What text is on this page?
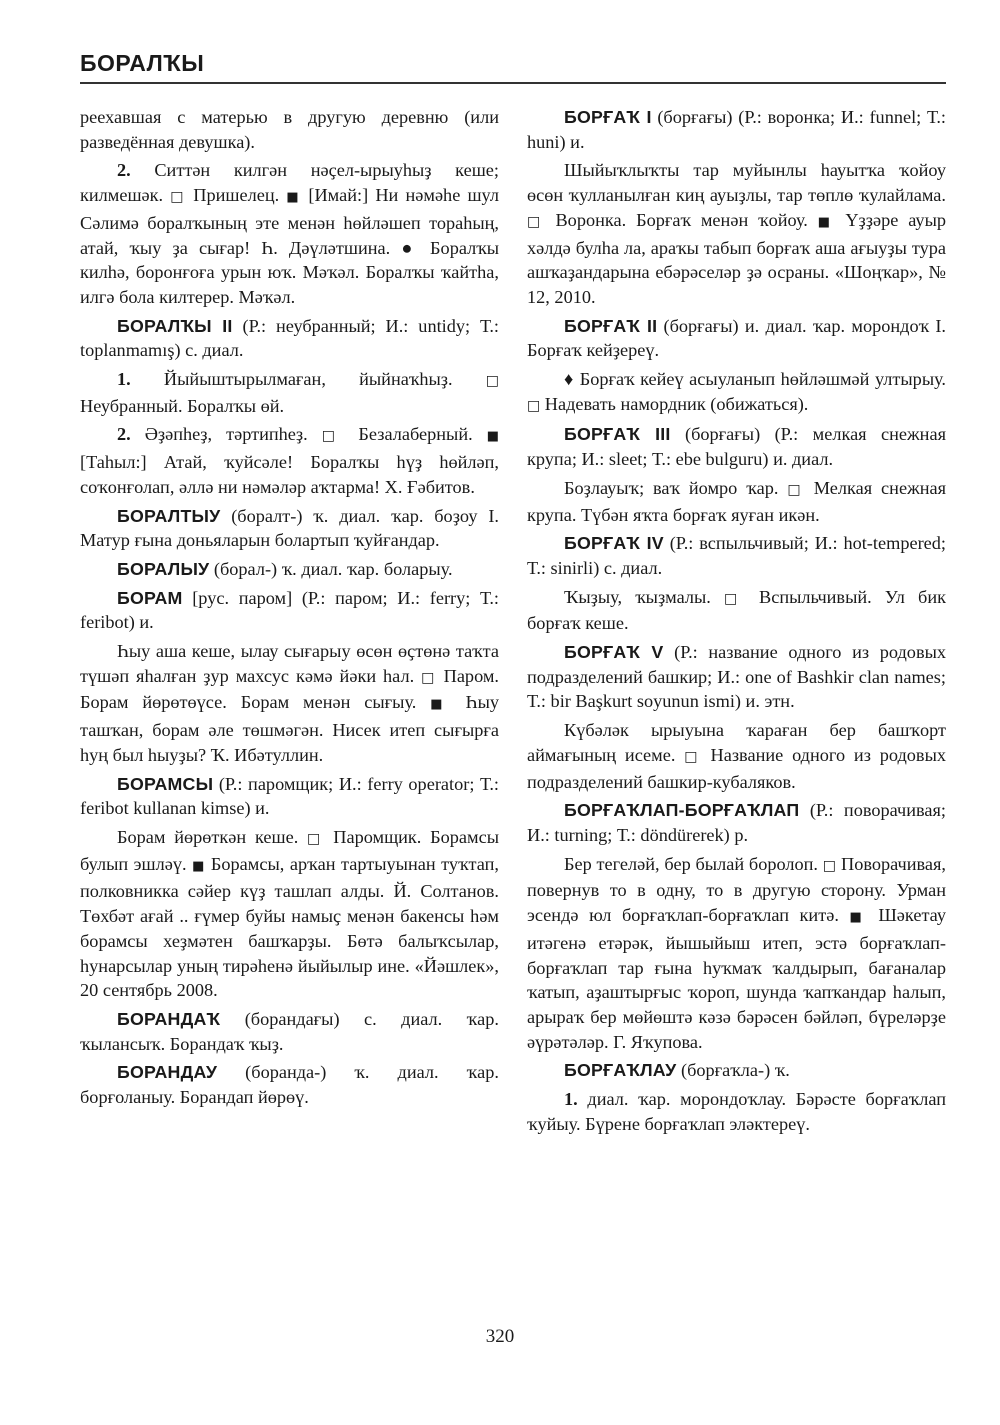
БОРАЛҠЫ

реехавшая с матерью в другую деревню (или разведённая девушка).

2. Ситтән килгән нәҫел-ырыуһыҙ кеше; килмешәк. □ Пришелец. ■ [Имай:] Ни нәмәһе шул Сәлимә боралҡының эте менән һөйләшеп тораһың, атай, ҡыу ҙа сығар! Һ. Дәүләтшина. ● Боралҡы килһә, боронғоға урын юҡ. Мәҡәл. Боралҡы ҡайтһа, илгә бола килтерер. Мәҡәл.

БОРАЛҠЫ II (Р.: неубранный; И.: untidy; Т.: toplanmamış) с. диал.

1. Йыйыштырылмаған, йыйнаҡһыҙ. □ Неубранный. Боралҡы өй.

2. Әҙәпһеҙ, тәртипһеҙ. □ Безалаберный. ■ [Таһыл:] Атай, ҡуйсәле! Боралҡы һүҙ һөйләп, соҡонғолап, әллә ни нәмәләр аҡтарма! Х. Ғәбитов.

БОРАЛТЫУ (боралт-) ҡ. диал. ҡар. боҙоу I. Матур ғына доньяларын болартып ҡуйғандар.

БОРАЛЫУ (борал-) ҡ. диал. ҡар. боларыу.

БОРАМ [рус. паром] (Р.: паром; И.: ferry; Т.: feribot) и.

Һыу аша кеше, ылау сығарыу өсөн өҫтөнә таҡта түшәп яһалған ҙур махсус кәмә йәки һал. □ Паром. Борам йөрөтөүсе. Борам менән сығыу. ■ Һыу ташҡан, борам әле төшмәгән. Нисек итеп сығырға һуң был һыуҙы? Ҡ. Ибәтуллин.

БОРАМСЫ (Р.: паромщик; И.: ferry operator; Т.: feribot kullanan kimse) и.

Борам йөрөткән кеше. □ Паромщик. Борамсы булып эшләү. ■ Борамсы, арҡан тартыуынан туҡтап, полковникка сәйер күҙ ташлап алды. Й. Солтанов. Төхбәт ағай .. ғүмер буйы намыҫ менән бакенсы һәм борамсы хеҙмәтен башҡарҙы. Бөтә балыҡсылар, һунарсылар уның тирәһенә йыйылыр ине. «Йәшлек», 20 сентябрь 2008.

БОРАНДАҠ (борандағы) с. диал. ҡар. ҡылансыҡ. Борандаҡ ҡыҙ.

БОРАНДАУ (боранда-) ҡ. диал. ҡар. борғоланыу. Борандап йөрөү.

БОРҒАҠ I (борғағы) (Р.: воронка; И.: funnel; Т.: huni) и.

Шыйыҡлыҡты тар муйынлы һауытҡа ҡойоу өсөн ҡулланылған киң ауыҙлы, тар төплө ҡулайлама. □ Воронка. Борғаҡ менән ҡойоу. ■ Үҙҙәре ауыр хәлдә булһа ла, араҡы табып борғаҡ аша ағыуҙы тура ашҡаҙандарына ебәрәселәр ҙә осраны. «Шоңҡар», № 12, 2010.

БОРҒАҠ II (борғағы) и. диал. ҡар. морондоҡ I. Борғаҡ кейҙереү.

♦ Борғаҡ кейеү асыуланып һөйләшмәй ултырыу. □ Надевать намордник (обижаться).

БОРҒАҠ III (борғағы) (Р.: мелкая снежная крупа; И.: sleet; Т.: ebe bulguru) и. диал.

Боҙлауыҡ; ваҡ йомро ҡар. □ Мелкая снежная крупа. Түбән яҡта борғаҡ яуған икән.

БОРҒАҠ IV (Р.: вспыльчивый; И.: hot-tempered; Т.: sinirli) с. диал.

Ҡыҙыу, ҡыҙмалы. □ Вспыльчивый. Ул бик борғаҡ кеше.

БОРҒАҠ V (Р.: название одного из родовых подразделений башкир; И.: one of Bashkir clan names; Т.: bir Başkurt soyunun ismi) и. этн.

Күбәләк ырыуына ҡараған бер башҡорт аймағының исеме. □ Название одного из родовых подразделений башкир-кубаляков.

БОРҒАҠЛАП-БОРҒАҠЛАП (Р.: поворачивая; И.: turning; Т.: döndürerek) р.

Бер тегеләй, бер былай боролоп. □ Поворачивая, повернув то в одну, то в другую сторону. Урман эсендә юл борғаҡлап-борғаҡлап китә. ■ Шәкетау итәгенә етәрәк, йышыйыш итеп, эстә борғаҡлап-борғаҡлап тар ғына һуҡмаҡ ҡалдырып, бағаналар ҡатып, аҙаштырғыс ҡороп, шунда ҡапҡандар һалып, арыраҡ бер мөйөштә кәзә бәрәсен бәйләп, бүреләрҙе әүрәтәләр. Г. Яҡупова.

БОРҒАҠЛАУ (борғаҡла-) ҡ.

1. диал. ҡар. морондоҡлау. Бәрәсте борғаҡлап ҡуйыу. Бүрене борғаҡлап эләктереү.

320
